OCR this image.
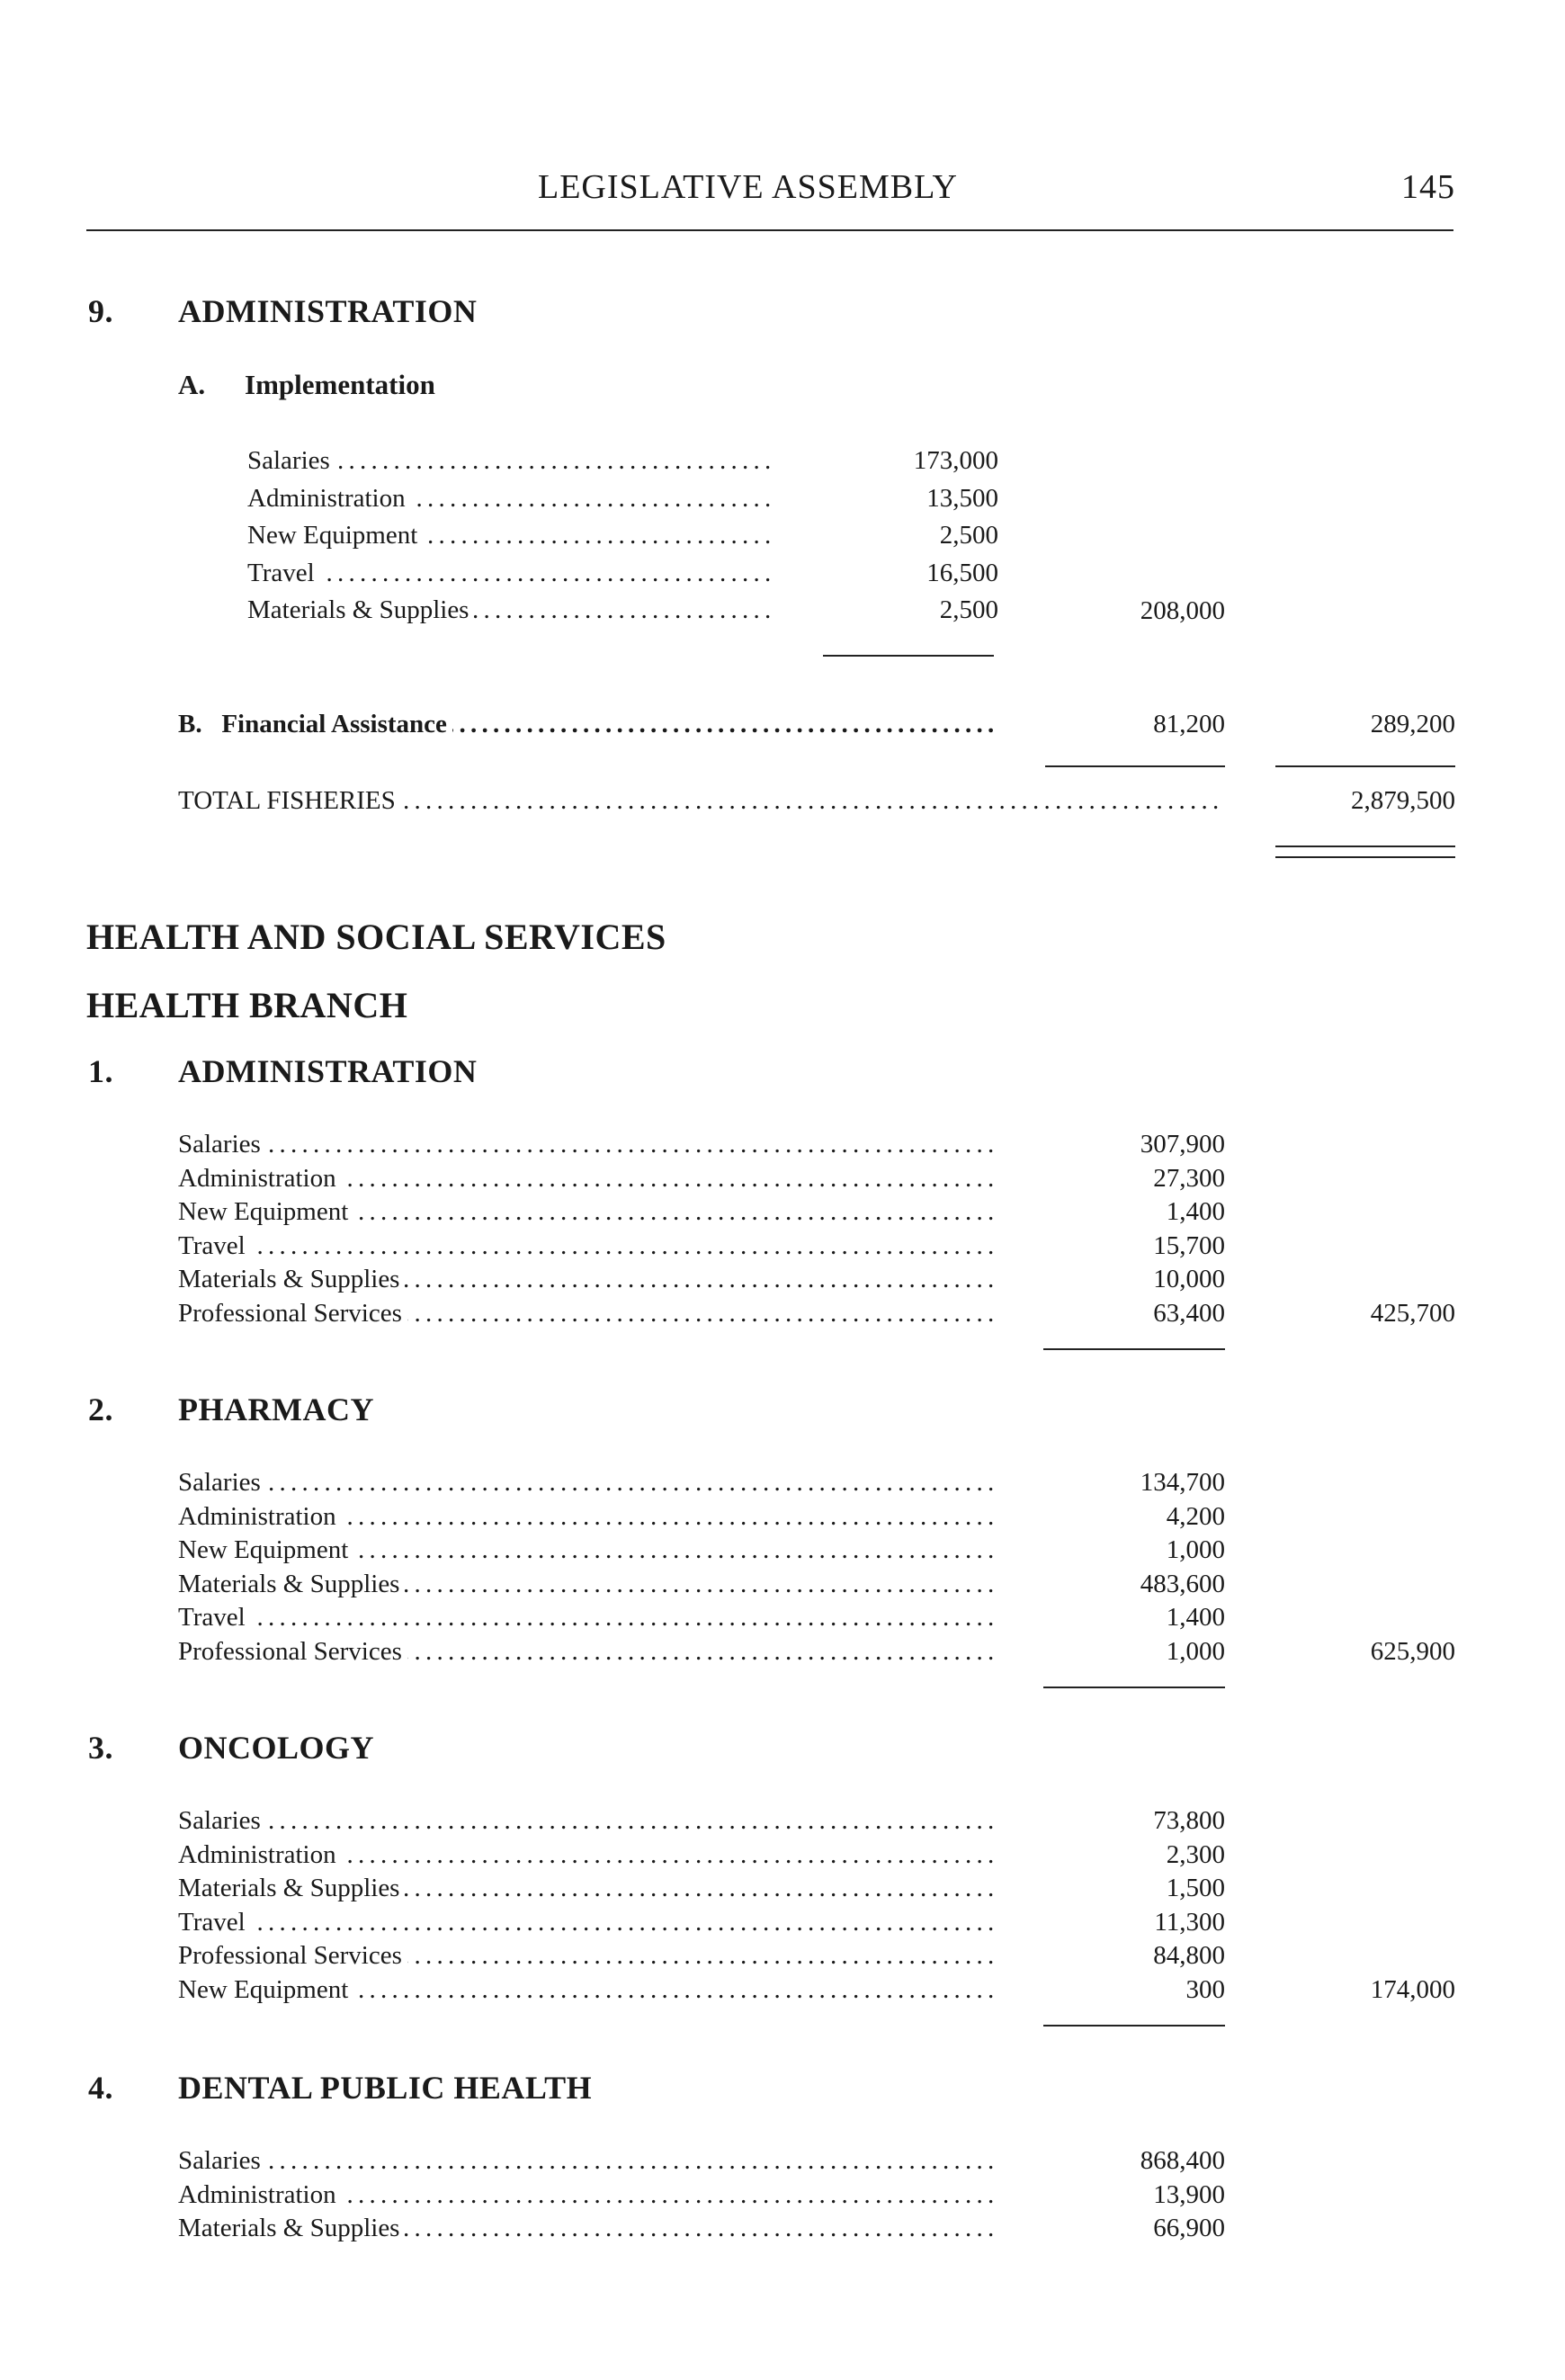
LEGISLATIVE ASSEMBLY	145
9. ADMINISTRATION
A. Implementation
Salaries . . .	173,000
Administration . . .	13,500
New Equipment . . .	2,500
Travel . . .	16,500
Materials & Supplies . . .	2,500	208,000
B. Financial Assistance . . .	81,200	289,200
TOTAL FISHERIES . . .	2,879,500
HEALTH AND SOCIAL SERVICES
HEALTH BRANCH
1. ADMINISTRATION
Salaries . . .	307,900
Administration . . .	27,300
New Equipment . . .	1,400
Travel . . .	15,700
Materials & Supplies . . .	10,000
Professional Services . . .	63,400	425,700
2. PHARMACY
Salaries . . .	134,700
Administration . . .	4,200
New Equipment . . .	1,000
Materials & Supplies . . .	483,600
Travel . . .	1,400
Professional Services . . .	1,000	625,900
3. ONCOLOGY
Salaries . . .	73,800
Administration . . .	2,300
Materials & Supplies . . .	1,500
Travel . . .	11,300
Professional Services . . .	84,800
New Equipment . . .	300	174,000
4. DENTAL PUBLIC HEALTH
Salaries . . .	868,400
Administration . . .	13,900
Materials & Supplies . . .	66,900
